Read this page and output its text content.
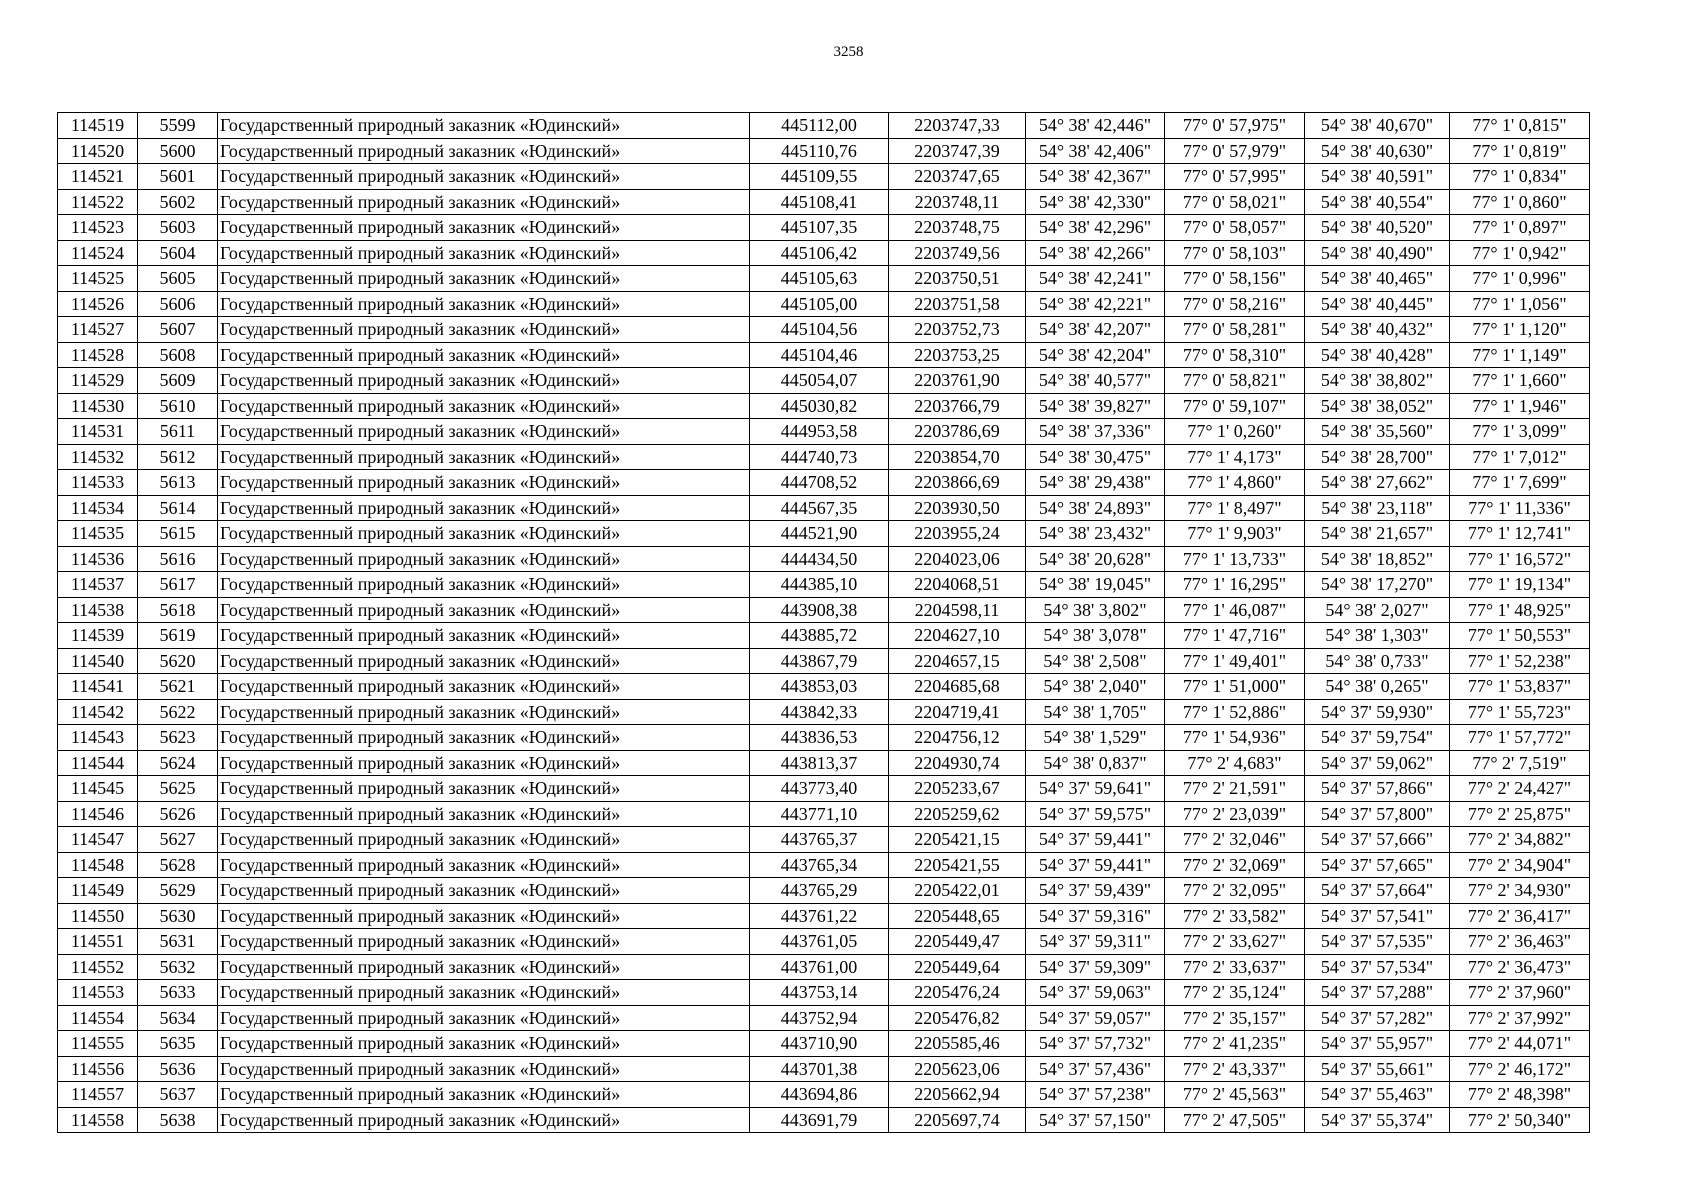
3258
114519	5599	Государственный природный заказник «Юдинский»	445112,00	2203747,33	54° 38' 42,446"	77° 0' 57,975"	54° 38' 40,670"	77° 1' 0,815"
114520	5600	Государственный природный заказник «Юдинский»	445110,76	2203747,39	54° 38' 42,406"	77° 0' 57,979"	54° 38' 40,630"	77° 1' 0,819"
114521	5601	Государственный природный заказник «Юдинский»	445109,55	2203747,65	54° 38' 42,367"	77° 0' 57,995"	54° 38' 40,591"	77° 1' 0,834"
114522	5602	Государственный природный заказник «Юдинский»	445108,41	2203748,11	54° 38' 42,330"	77° 0' 58,021"	54° 38' 40,554"	77° 1' 0,860"
114523	5603	Государственный природный заказник «Юдинский»	445107,35	2203748,75	54° 38' 42,296"	77° 0' 58,057"	54° 38' 40,520"	77° 1' 0,897"
114524	5604	Государственный природный заказник «Юдинский»	445106,42	2203749,56	54° 38' 42,266"	77° 0' 58,103"	54° 38' 40,490"	77° 1' 0,942"
114525	5605	Государственный природный заказник «Юдинский»	445105,63	2203750,51	54° 38' 42,241"	77° 0' 58,156"	54° 38' 40,465"	77° 1' 0,996"
114526	5606	Государственный природный заказник «Юдинский»	445105,00	2203751,58	54° 38' 42,221"	77° 0' 58,216"	54° 38' 40,445"	77° 1' 1,056"
114527	5607	Государственный природный заказник «Юдинский»	445104,56	2203752,73	54° 38' 42,207"	77° 0' 58,281"	54° 38' 40,432"	77° 1' 1,120"
114528	5608	Государственный природный заказник «Юдинский»	445104,46	2203753,25	54° 38' 42,204"	77° 0' 58,310"	54° 38' 40,428"	77° 1' 1,149"
114529	5609	Государственный природный заказник «Юдинский»	445054,07	2203761,90	54° 38' 40,577"	77° 0' 58,821"	54° 38' 38,802"	77° 1' 1,660"
114530	5610	Государственный природный заказник «Юдинский»	445030,82	2203766,79	54° 38' 39,827"	77° 0' 59,107"	54° 38' 38,052"	77° 1' 1,946"
114531	5611	Государственный природный заказник «Юдинский»	444953,58	2203786,69	54° 38' 37,336"	77° 1' 0,260"	54° 38' 35,560"	77° 1' 3,099"
114532	5612	Государственный природный заказник «Юдинский»	444740,73	2203854,70	54° 38' 30,475"	77° 1' 4,173"	54° 38' 28,700"	77° 1' 7,012"
114533	5613	Государственный природный заказник «Юдинский»	444708,52	2203866,69	54° 38' 29,438"	77° 1' 4,860"	54° 38' 27,662"	77° 1' 7,699"
114534	5614	Государственный природный заказник «Юдинский»	444567,35	2203930,50	54° 38' 24,893"	77° 1' 8,497"	54° 38' 23,118"	77° 1' 11,336"
114535	5615	Государственный природный заказник «Юдинский»	444521,90	2203955,24	54° 38' 23,432"	77° 1' 9,903"	54° 38' 21,657"	77° 1' 12,741"
114536	5616	Государственный природный заказник «Юдинский»	444434,50	2204023,06	54° 38' 20,628"	77° 1' 13,733"	54° 38' 18,852"	77° 1' 16,572"
114537	5617	Государственный природный заказник «Юдинский»	444385,10	2204068,51	54° 38' 19,045"	77° 1' 16,295"	54° 38' 17,270"	77° 1' 19,134"
114538	5618	Государственный природный заказник «Юдинский»	443908,38	2204598,11	54° 38' 3,802"	77° 1' 46,087"	54° 38' 2,027"	77° 1' 48,925"
114539	5619	Государственный природный заказник «Юдинский»	443885,72	2204627,10	54° 38' 3,078"	77° 1' 47,716"	54° 38' 1,303"	77° 1' 50,553"
114540	5620	Государственный природный заказник «Юдинский»	443867,79	2204657,15	54° 38' 2,508"	77° 1' 49,401"	54° 38' 0,733"	77° 1' 52,238"
114541	5621	Государственный природный заказник «Юдинский»	443853,03	2204685,68	54° 38' 2,040"	77° 1' 51,000"	54° 38' 0,265"	77° 1' 53,837"
114542	5622	Государственный природный заказник «Юдинский»	443842,33	2204719,41	54° 38' 1,705"	77° 1' 52,886"	54° 37' 59,930"	77° 1' 55,723"
114543	5623	Государственный природный заказник «Юдинский»	443836,53	2204756,12	54° 38' 1,529"	77° 1' 54,936"	54° 37' 59,754"	77° 1' 57,772"
114544	5624	Государственный природный заказник «Юдинский»	443813,37	2204930,74	54° 38' 0,837"	77° 2' 4,683"	54° 37' 59,062"	77° 2' 7,519"
114545	5625	Государственный природный заказник «Юдинский»	443773,40	2205233,67	54° 37' 59,641"	77° 2' 21,591"	54° 37' 57,866"	77° 2' 24,427"
114546	5626	Государственный природный заказник «Юдинский»	443771,10	2205259,62	54° 37' 59,575"	77° 2' 23,039"	54° 37' 57,800"	77° 2' 25,875"
114547	5627	Государственный природный заказник «Юдинский»	443765,37	2205421,15	54° 37' 59,441"	77° 2' 32,046"	54° 37' 57,666"	77° 2' 34,882"
114548	5628	Государственный природный заказник «Юдинский»	443765,34	2205421,55	54° 37' 59,441"	77° 2' 32,069"	54° 37' 57,665"	77° 2' 34,904"
114549	5629	Государственный природный заказник «Юдинский»	443765,29	2205422,01	54° 37' 59,439"	77° 2' 32,095"	54° 37' 57,664"	77° 2' 34,930"
114550	5630	Государственный природный заказник «Юдинский»	443761,22	2205448,65	54° 37' 59,316"	77° 2' 33,582"	54° 37' 57,541"	77° 2' 36,417"
114551	5631	Государственный природный заказник «Юдинский»	443761,05	2205449,47	54° 37' 59,311"	77° 2' 33,627"	54° 37' 57,535"	77° 2' 36,463"
114552	5632	Государственный природный заказник «Юдинский»	443761,00	2205449,64	54° 37' 59,309"	77° 2' 33,637"	54° 37' 57,534"	77° 2' 36,473"
114553	5633	Государственный природный заказник «Юдинский»	443753,14	2205476,24	54° 37' 59,063"	77° 2' 35,124"	54° 37' 57,288"	77° 2' 37,960"
114554	5634	Государственный природный заказник «Юдинский»	443752,94	2205476,82	54° 37' 59,057"	77° 2' 35,157"	54° 37' 57,282"	77° 2' 37,992"
114555	5635	Государственный природный заказник «Юдинский»	443710,90	2205585,46	54° 37' 57,732"	77° 2' 41,235"	54° 37' 55,957"	77° 2' 44,071"
114556	5636	Государственный природный заказник «Юдинский»	443701,38	2205623,06	54° 37' 57,436"	77° 2' 43,337"	54° 37' 55,661"	77° 2' 46,172"
114557	5637	Государственный природный заказник «Юдинский»	443694,86	2205662,94	54° 37' 57,238"	77° 2' 45,563"	54° 37' 55,463"	77° 2' 48,398"
114558	5638	Государственный природный заказник «Юдинский»	443691,79	2205697,74	54° 37' 57,150"	77° 2' 47,505"	54° 37' 55,374"	77° 2' 50,340"
